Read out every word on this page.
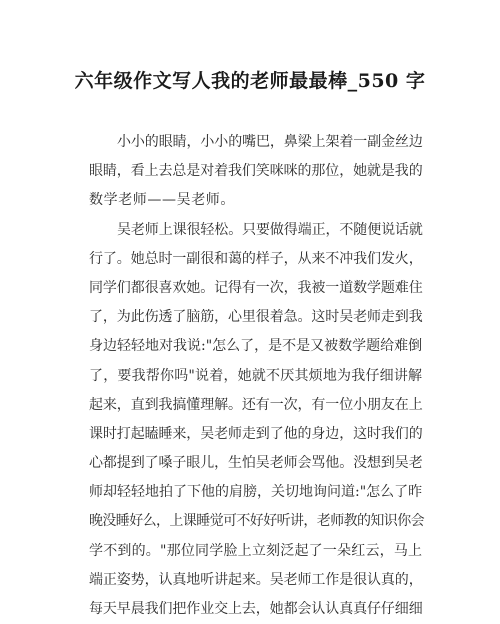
六年级作文写人我的老师最最棒_550 字
小小的眼睛，小小的嘴巴，鼻梁上架着一副金丝边
眼睛，看上去总是对着我们笑咪咪的那位，她就是我的
数学老师——吴老师。
吴老师上课很轻松。只要做得端正，不随便说话就
行了。她总时一副很和蔼的样子，从来不冲我们发火，
同学们都很喜欢她。记得有一次，我被一道数学题难住
了，为此伤透了脑筋，心里很着急。这时吴老师走到我
身边轻轻地对我说:"怎么了，是不是又被数学题给难倒
了，要我帮你吗"说着，她就不厌其烦地为我仔细讲解
起来，直到我搞懂理解。还有一次，有一位小朋友在上
课时打起瞌睡来，吴老师走到了他的身边，这时我们的
心都提到了嗓子眼儿，生怕吴老师会骂他。没想到吴老
师却轻轻地拍了下他的肩膀，关切地询问道:"怎么了昨
晚没睡好么，上课睡觉可不好好听讲，老师教的知识你会
学不到的。"那位同学脸上立刻泛起了一朵红云，马上
端正姿势，认真地听讲起来。吴老师工作是很认真的，
每天早晨我们把作业交上去，她都会认认真真仔仔细细
